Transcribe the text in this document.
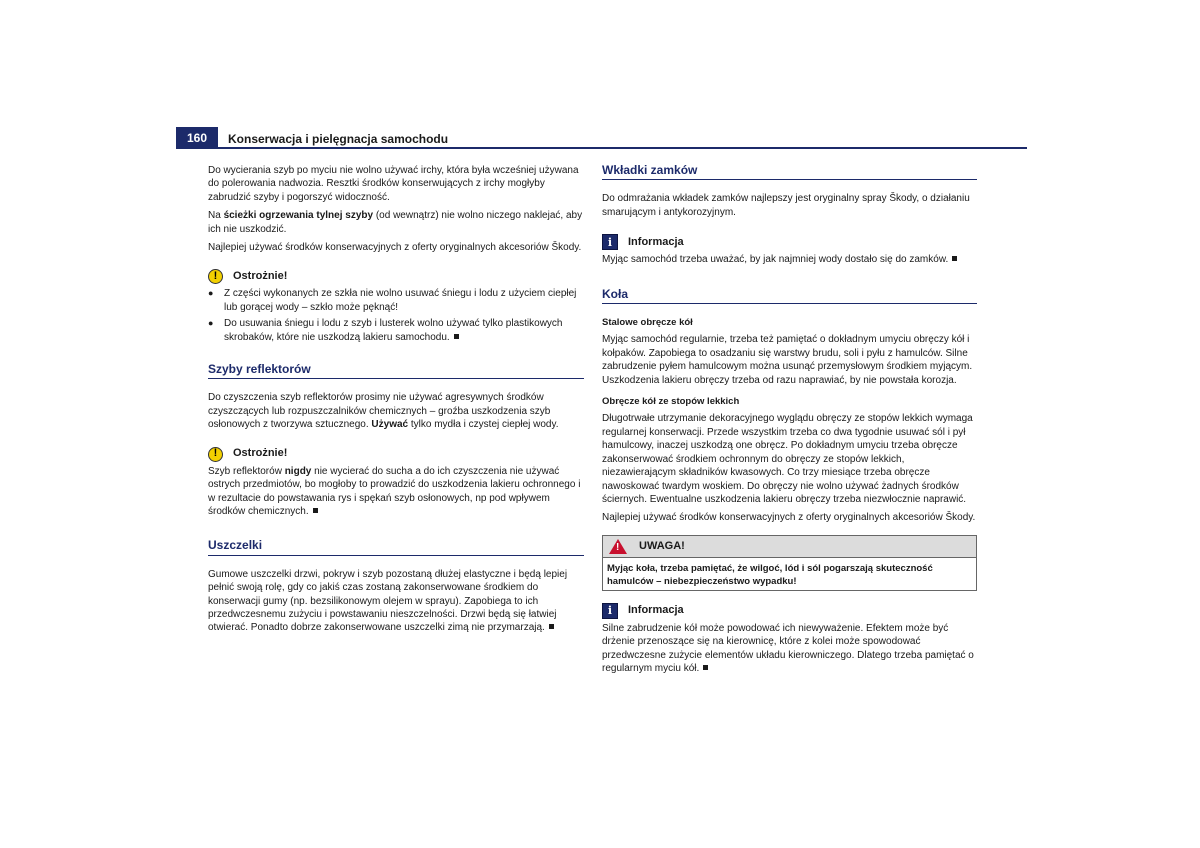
160	Konserwacja i pielęgnacja samochodu

Do wycierania szyb po myciu nie wolno używać irchy, która była wcześniej używana do polerowania nadwozia. Resztki środków konserwujących z irchy mogłyby zabrudzić szyby i pogorszyć widoczność.

Na ścieżki ogrzewania tylnej szyby (od wewnątrz) nie wolno niczego naklejać, aby ich nie uszkodzić.

Najlepiej używać środków konserwacyjnych z oferty oryginalnych akcesoriów Škody.

!	Ostrożnie!
●	Z części wykonanych ze szkła nie wolno usuwać śniegu i lodu z użyciem ciepłej lub gorącej wody – szkło może pęknąć!
●	Do usuwania śniegu i lodu z szyb i lusterek wolno używać tylko plastikowych skrobaków, które nie uszkodzą lakieru samochodu.
Szyby reflektorów

Do czyszczenia szyb reflektorów prosimy nie używać agresywnych środków czyszczących lub rozpuszczalników chemicznych – groźba uszkodzenia szyb osłonowych z tworzywa sztucznego. Używać tylko mydła i czystej ciepłej wody.

!	Ostrożnie!

Szyb reflektorów nigdy nie wycierać do sucha a do ich czyszczenia nie używać ostrych przedmiotów, bo mogłoby to prowadzić do uszkodzenia lakieru ochronnego i w rezultacie do powstawania rys i spękań szyb osłonowych, np pod wpływem środków chemicznych.

Uszczelki

Gumowe uszczelki drzwi, pokryw i szyb pozostaną dłużej elastyczne i będą lepiej pełnić swoją rolę, gdy co jakiś czas zostaną zakonserwowane środkiem do konserwacji gumy (np. bezsilikonowym olejem w sprayu). Zapobiega to ich przedwczesnemu zużyciu i powstawaniu nieszczelności. Drzwi będą się łatwiej otwierać. Ponadto dobrze zakonserwowane uszczelki zimą nie przymarzają.

Wkładki zamków

Do odmrażania wkładek zamków najlepszy jest oryginalny spray Škody, o działaniu smarującym i antykorozyjnym.

i	Informacja

Myjąc samochód trzeba uważać, by jak najmniej wody dostało się do zamków.

Koła
Stalowe obręcze kół

Myjąc samochód regularnie, trzeba też pamiętać o dokładnym umyciu obręczy kół i kołpaków. Zapobiega to osadzaniu się warstwy brudu, soli i pyłu z hamulców. Silne zabrudzenie pyłem hamulcowym można usunąć przemysłowym środkiem myjącym. Uszkodzenia lakieru obręczy trzeba od razu naprawiać, by nie powstała korozja.

Obręcze kół ze stopów lekkich

Długotrwałe utrzymanie dekoracyjnego wyglądu obręczy ze stopów lekkich wymaga regularnej konserwacji. Przede wszystkim trzeba co dwa tygodnie usuwać sól i pył hamulcowy, inaczej uszkodzą one obręcz. Po dokładnym umyciu trzeba obręcze zakonserwować środkiem ochronnym do obręczy ze stopów lekkich, niezawierającym składników kwasowych. Co trzy miesiące trzeba obręcze nawoskować twardym woskiem. Do obręczy nie wolno używać żadnych środków ściernych. Ewentualne uszkodzenia lakieru obręczy trzeba niezwłocznie naprawić.

Najlepiej używać środków konserwacyjnych z oferty oryginalnych akcesoriów Škody.

! UWAGA!
Myjąc koła, trzeba pamiętać, że wilgoć, lód i sól pogarszają skuteczność hamulców – niebezpieczeństwo wypadku!
i	Informacja

Silne zabrudzenie kół może powodować ich niewyważenie. Efektem może być drżenie przenoszące się na kierownicę, które z kolei może spowodować przedwczesne zużycie elementów układu kierowniczego. Dlatego trzeba pamiętać o regularnym myciu kół.
